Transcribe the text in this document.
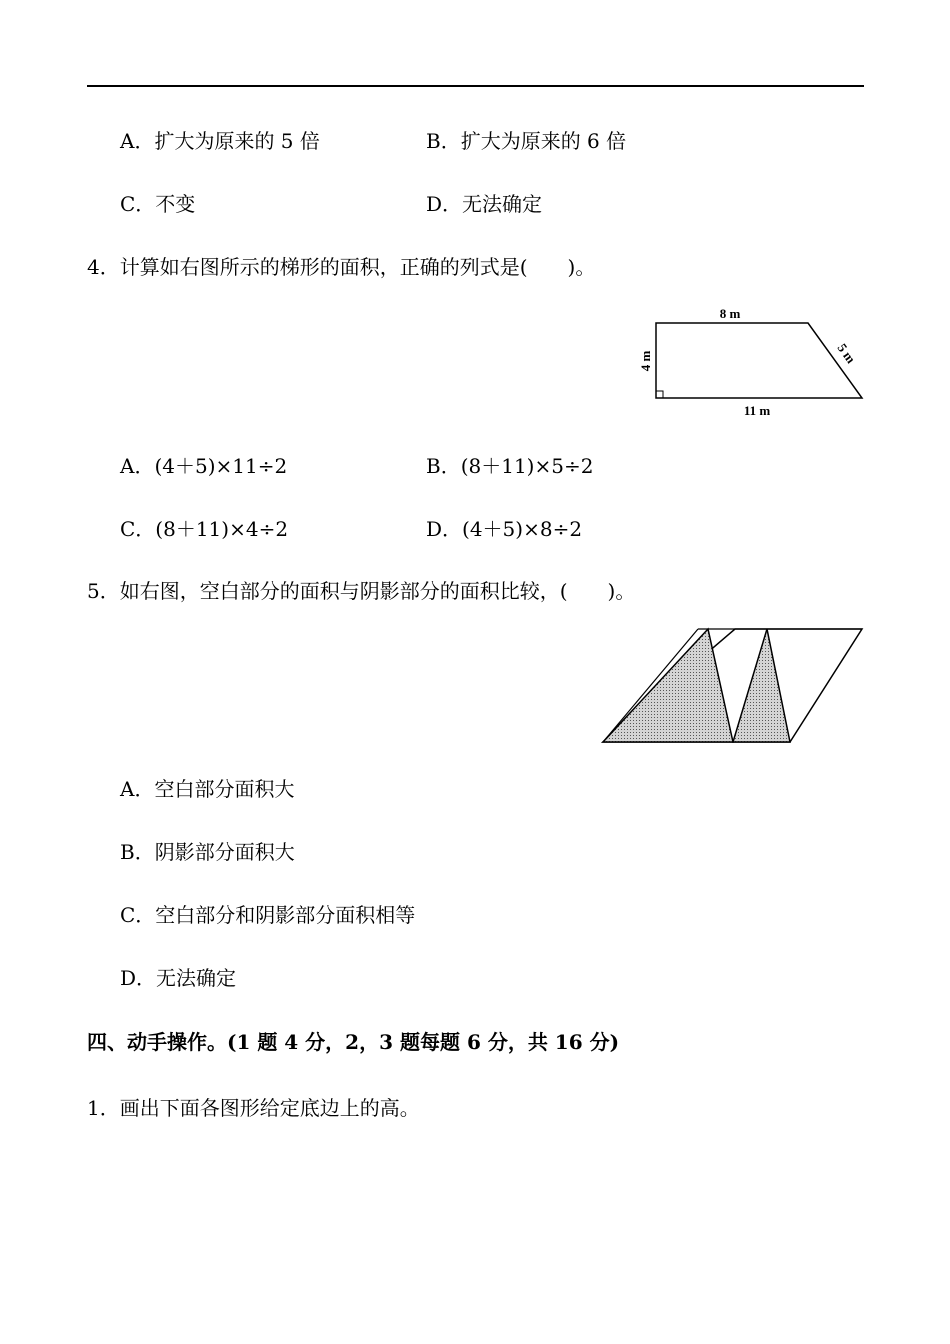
A．扩大为原来的 5 倍	B．扩大为原来的 6 倍
C．不变	D．无法确定
4．计算如右图所示的梯形的面积，正确的列式是(　　)。
8 m
4 m	5 m
11 m
A．(4＋5)×11÷2	B．(8＋11)×5÷2
C．(8＋11)×4÷2	D．(4＋5)×8÷2
5．如右图，空白部分的面积与阴影部分的面积比较，(　　)。
A．空白部分面积大
B．阴影部分面积大
C．空白部分和阴影部分面积相等
D．无法确定
四、动手操作。(1 题 4 分，2，3 题每题 6 分，共 16 分)
1．画出下面各图形给定底边上的高。
